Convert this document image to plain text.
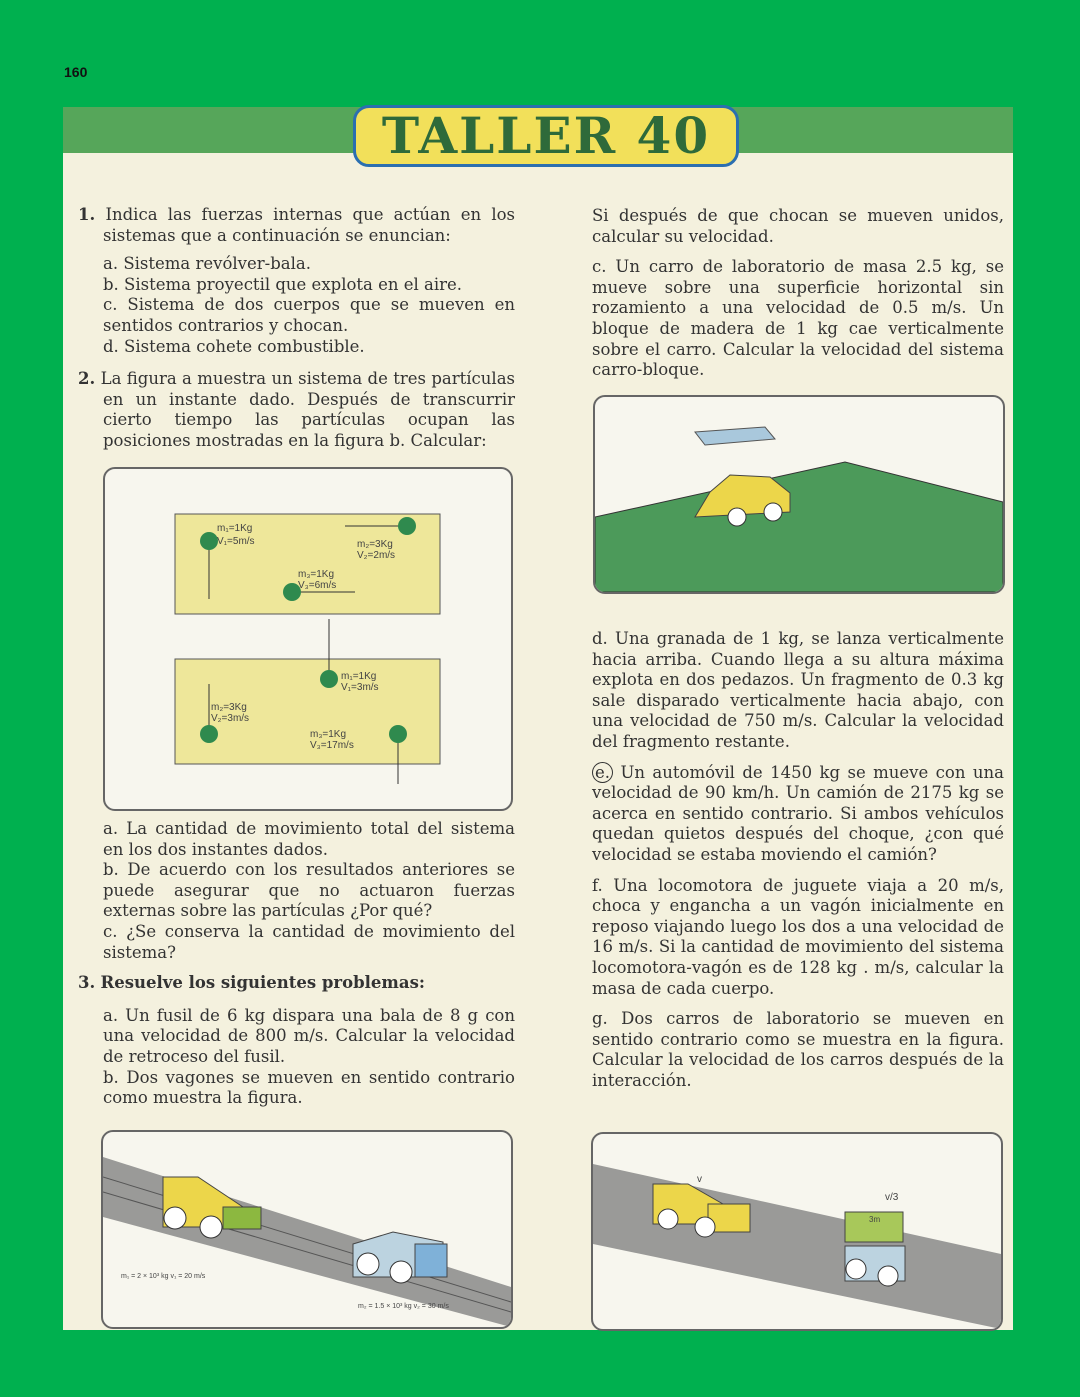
160
TALLER 40

1. Indica las fuerzas internas que actúan en los sistemas que a continuación se enuncian:

a. Sistema revólver-bala.

b. Sistema proyectil que explota en el aire.

c. Sistema de dos cuerpos que se mueven en sentidos contrarios y chocan.

d. Sistema cohete combustible.

2. La figura a muestra un sistema de tres partículas en un instante dado. Después de transcurrir cierto tiempo las partículas ocupan las posiciones mostradas en la figura b. Calcular:

m₁=1Kg
V₁=5m/s	m₂=3Kg
V₂=2m/s
m₃=1Kg
V₃=6m/s
m₁=1Kg
V₁=3m/s
m₂=3Kg
V₂=3m/s
m₃=1Kg
V₃=17m/s

a. La cantidad de movimiento total del sistema en los dos instantes dados.

b. De acuerdo con los resultados anteriores se puede asegurar que no actuaron fuerzas externas sobre las partículas ¿Por qué?

c. ¿Se conserva la cantidad de movimiento del sistema?

3. Resuelve los siguientes problemas:

a. Un fusil de 6 kg dispara una bala de 8 g con una velocidad de 800 m/s. Calcular la velocidad de retroceso del fusil.

b. Dos vagones se mueven en sentido contrario como muestra la figura.

m₁ = 2 × 10³ kg v₁ = 20 m/s
m₂ = 1.5 × 10³ kg v₂ = 30 m/s

Si después de que chocan se mueven unidos, calcular su velocidad.

c. Un carro de laboratorio de masa 2.5 kg, se mueve sobre una superficie horizontal sin rozamiento a una velocidad de 0.5 m/s. Un bloque de madera de 1 kg cae verticalmente sobre el carro. Calcular la velocidad del sistema carro-bloque.

d. Una granada de 1 kg, se lanza verticalmente hacia arriba. Cuando llega a su altura máxima explota en dos pedazos. Un fragmento de 0.3 kg sale disparado verticalmente hacia abajo, con una velocidad de 750 m/s. Calcular la velocidad del fragmento restante.

e. Un automóvil de 1450 kg se mueve con una velocidad de 90 km/h. Un camión de 2175 kg se acerca en sentido contrario. Si ambos vehículos quedan quietos después del choque, ¿con qué velocidad se estaba moviendo el camión?

f. Una locomotora de juguete viaja a 20 m/s, choca y engancha a un vagón inicialmente en reposo viajando luego los dos a una velocidad de 16 m/s. Si la cantidad de movimiento del sistema locomotora-vagón es de 128 kg . m/s, calcular la masa de cada cuerpo.

g. Dos carros de laboratorio se mueven en sentido contrario como se muestra en la figura. Calcular la velocidad de los carros después de la interacción.

v
v/3
3m
